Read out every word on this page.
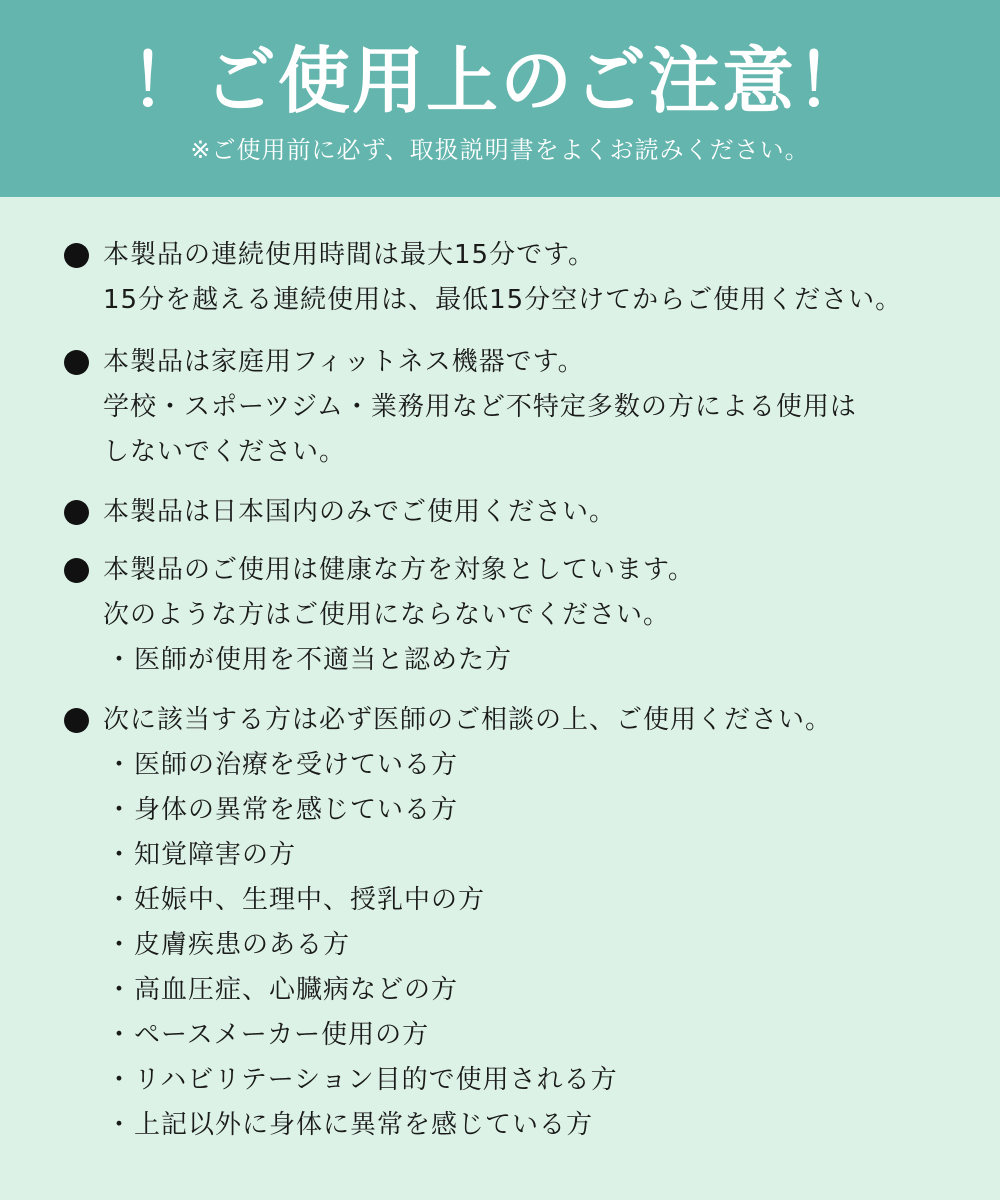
！ご使用上のご注意！
※ご使用前に必ず、取扱説明書をよくお読みください。
本製品の連続使用時間は最大15分です。
15分を越える連続使用は、最低15分空けてからご使用ください。
本製品は家庭用フィットネス機器です。
学校・スポーツジム・業務用など不特定多数の方による使用は
しないでください。
本製品は日本国内のみでご使用ください。
本製品のご使用は健康な方を対象としています。
次のような方はご使用にならないでください。
・医師が使用を不適当と認めた方
次に該当する方は必ず医師のご相談の上、ご使用ください。
・医師の治療を受けている方
・身体の異常を感じている方
・知覚障害の方
・妊娠中、生理中、授乳中の方
・皮膚疾患のある方
・高血圧症、心臓病などの方
・ペースメーカー使用の方
・リハビリテーション目的で使用される方
・上記以外に身体に異常を感じている方
